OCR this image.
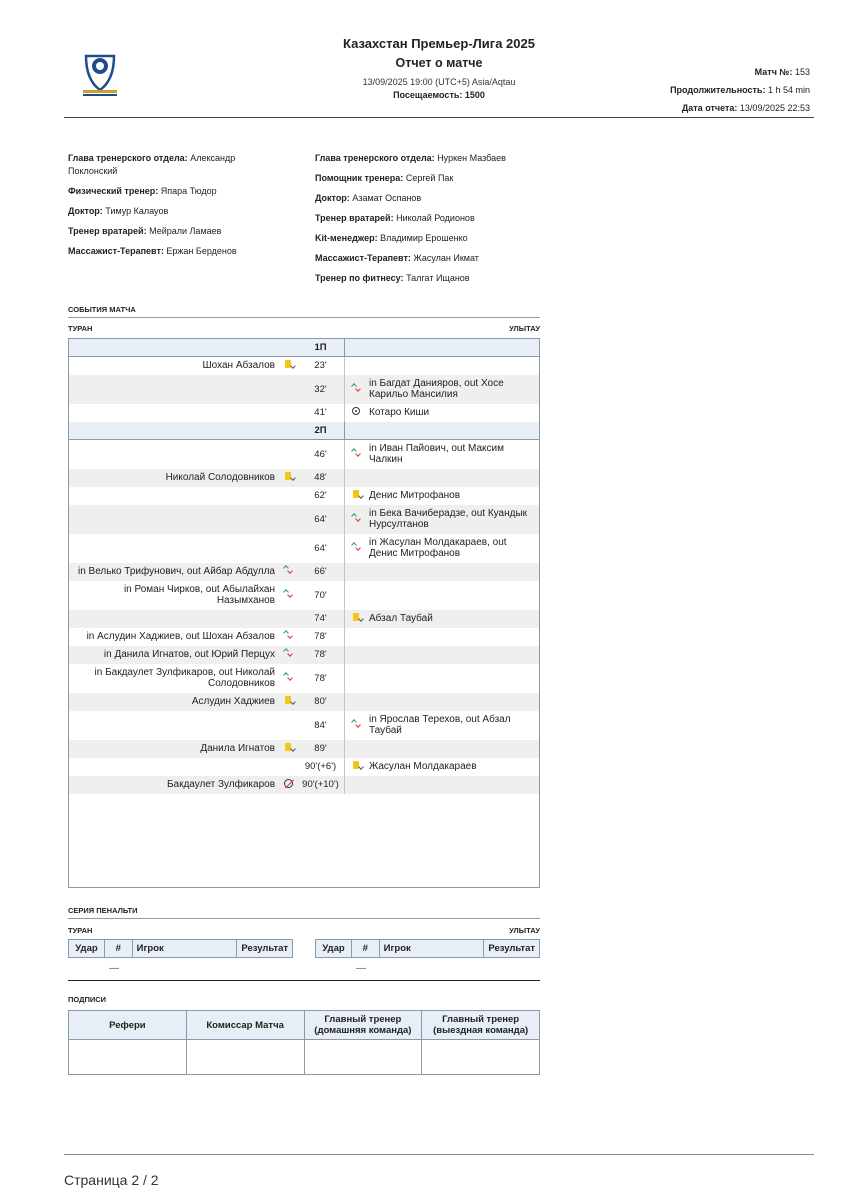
Казахстан Премьер-Лига 2025
Отчет о матче
13/09/2025 19:00 (UTC+5) Asia/Aqtau
Посещаемость: 1500
Матч №: 153
Продолжительность: 1 h 54 min
Дата отчета: 13/09/2025 22:53
Глава тренерского отдела: Александр Поклонский
Физический тренер: Япара Тюдор
Доктор: Тимур Калауов
Тренер вратарей: Мейрали Ламаев
Массажист-Терапевт: Ержан Берденов
Глава тренерского отдела: Нуркен Мазбаев
Помощник тренера: Сергей Пак
Доктор: Азамат Оспанов
Тренер вратарей: Николай Родионов
Kit-менеджер: Владимир Ерошенко
Массажист-Терапевт: Жасулан Икмат
Тренер по фитнесу: Талгат Ищанов
СОБЫТИЯ МАТЧА
ТУРАН	УЛЫТАУ
		1П		
Шохан Абзалов		23'		
		32'		in Багдат Данияров, out Хосе Карильо Мансилия
		41'		Котаро Киши
		2П		
		46'		in Иван Пайович, out Максим Чалкин
Николай Солодовников		48'		
		62'		Денис Митрофанов
		64'		in Бека Вачиберадзе, out Куандык Нурсултанов
		64'		in Жасулан Молдакараев, out Денис Митрофанов
in Велько Трифунович, out Айбар Абдулла		66'		
in Роман Чирков, out Абылайхан Назымханов		70'		
		74'		Абзал Таубай
in Аслудин Хаджиев, out Шохан Абзалов		78'		
in Данила Игнатов, out Юрий Перцух		78'		
in Бакдаулет Зулфикаров, out Николай Солодовников		78'		
Аслудин Хаджиев		80'		
		84'		in Ярослав Терехов, out Абзал Таубай
Данила Игнатов		89'		
		90'(+6')		Жасулан Молдакараев
Бакдаулет Зулфикаров		90'(+10')		
СЕРИЯ ПЕНАЛЬТИ
ТУРАН	УЛЫТАУ
Удар	#	Игрок	Результат	Удар	#	Игрок	Результат
—	—
ПОДПИСИ
Рефери	Комиссар Матча	Главный тренер (домашняя команда)	Главный тренер (выездная команда)

Страница 2 / 2
